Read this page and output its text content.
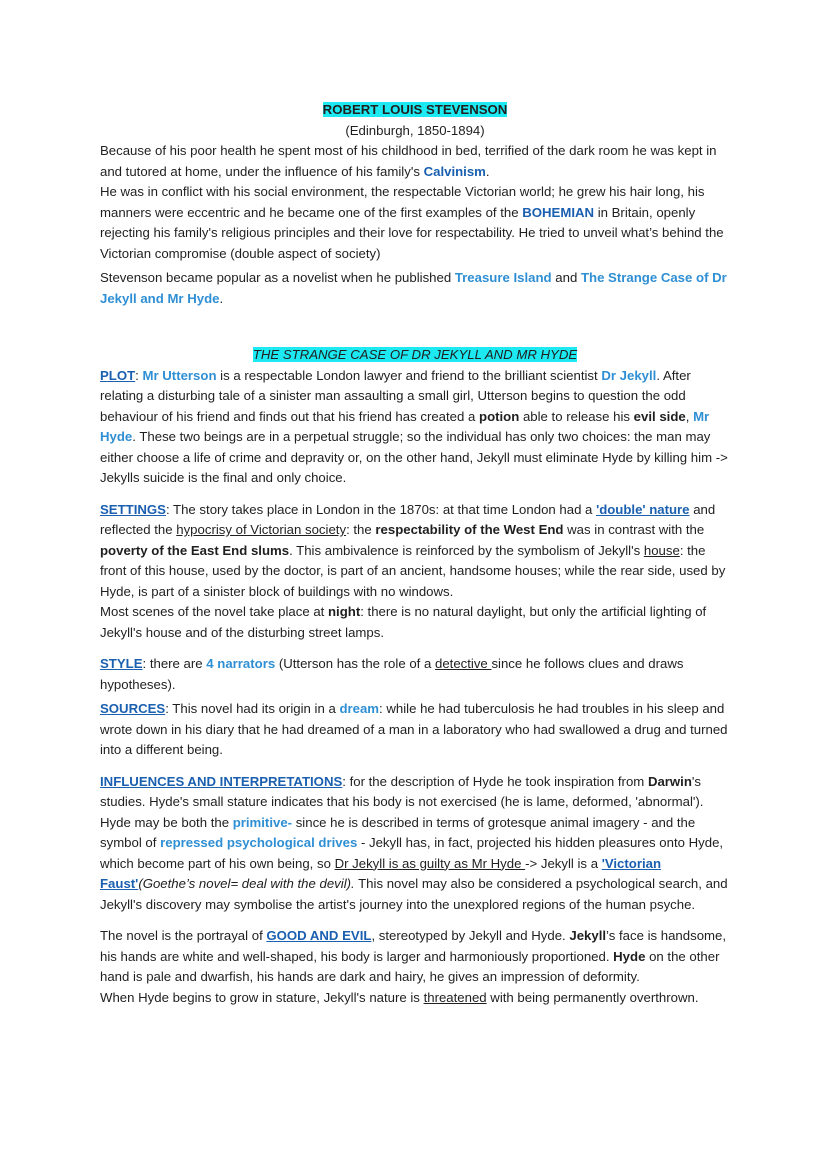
ROBERT LOUIS STEVENSON

(Edinburgh, 1850-1894)

Because of his poor health he spent most of his childhood in bed, terrified of the dark room he was kept in and tutored at home, under the influence of his family's Calvinism.

He was in conflict with his social environment, the respectable Victorian world; he grew his hair long, his manners were eccentric and he became one of the first examples of the BOHEMIAN in Britain, openly rejecting his family's religious principles and their love for respectability. He tried to unveil what’s behind the Victorian compromise (double aspect of society)

Stevenson became popular as a novelist when he published Treasure Island and The Strange Case of Dr Jekyll and Mr Hyde.

THE STRANGE CASE OF DR JEKYLL AND MR HYDE

PLOT: Mr Utterson is a respectable London lawyer and friend to the brilliant scientist Dr Jekyll. After relating a disturbing tale of a sinister man assaulting a small girl, Utterson begins to question the odd behaviour of his friend and finds out that his friend has created a potion able to release his evil side, Mr Hyde. These two beings are in a perpetual struggle; so the individual has only two choices: the man may either choose a life of crime and depravity or, on the other hand, Jekyll must eliminate Hyde by killing him -> Jekylls suicide is the final and only choice.

SETTINGS: The story takes place in London in the 1870s: at that time London had a 'double' nature and reflected the hypocrisy of Victorian society: the respectability of the West End was in contrast with the poverty of the East End slums. This ambivalence is reinforced by the symbolism of Jekyll's house: the front of this house, used by the doctor, is part of an ancient, handsome houses; while the rear side, used by Hyde, is part of a sinister block of buildings with no windows.

Most scenes of the novel take place at night: there is no natural daylight, but only the artificial lighting of Jekyll's house and of the disturbing street lamps.

STYLE: there are 4 narrators (Utterson has the role of a detective since he follows clues and draws hypotheses).

SOURCES: This novel had its origin in a dream: while he had tuberculosis he had troubles in his sleep and wrote down in his diary that he had dreamed of a man in a laboratory who had swallowed a drug and turned into a different being.

INFLUENCES AND INTERPRETATIONS: for the description of Hyde he took inspiration from Darwin's studies. Hyde's small stature indicates that his body is not exercised (he is lame, deformed, 'abnormal'). Hyde may be both the primitive- since he is described in terms of grotesque animal imagery - and the symbol of repressed psychological drives - Jekyll has, in fact, projected his hidden pleasures onto Hyde, which become part of his own being, so Dr Jekyll is as guilty as Mr Hyde -> Jekyll is a 'Victorian Faust'(Goethe’s novel= deal with the devil). This novel may also be considered a psychological search, and Jekyll's discovery may symbolise the artist's journey into the unexplored regions of the human psyche.

The novel is the portrayal of GOOD AND EVIL, stereotyped by Jekyll and Hyde. Jekyll’s face is handsome, his hands are white and well-shaped, his body is larger and harmoniously proportioned. Hyde on the other hand is pale and dwarfish, his hands are dark and hairy, he gives an impression of deformity.

When Hyde begins to grow in stature, Jekyll's nature is threatened with being permanently overthrown.
